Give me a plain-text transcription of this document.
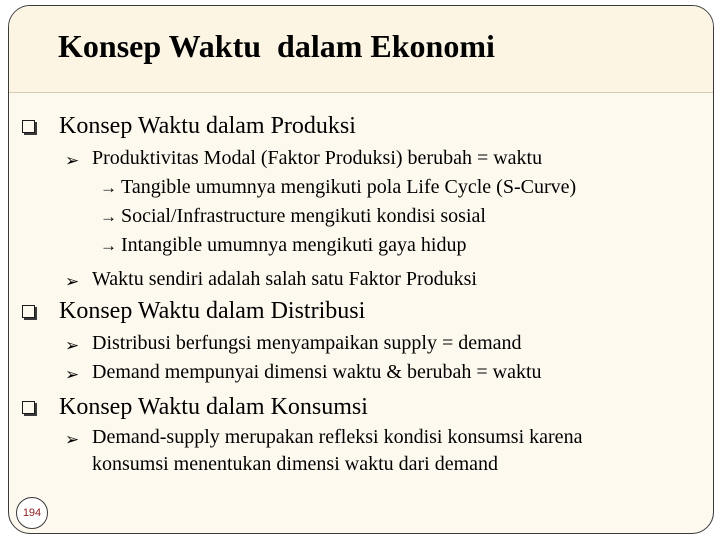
Konsep Waktu  dalam Ekonomi
Konsep Waktu dalam Produksi
➢ Produktivitas Modal (Faktor Produksi) berubah = waktu
→ Tangible umumnya mengikuti pola Life Cycle (S-Curve)
→ Social/Infrastructure mengikuti kondisi sosial
→ Intangible umumnya mengikuti gaya hidup
➢ Waktu sendiri adalah salah satu Faktor Produksi
Konsep Waktu dalam Distribusi
➢ Distribusi berfungsi menyampaikan supply = demand
➢ Demand mempunyai dimensi waktu & berubah = waktu
Konsep Waktu dalam Konsumsi
➢ Demand-supply merupakan refleksi kondisi konsumsi karena
konsumsi menentukan dimensi waktu dari demand
194
